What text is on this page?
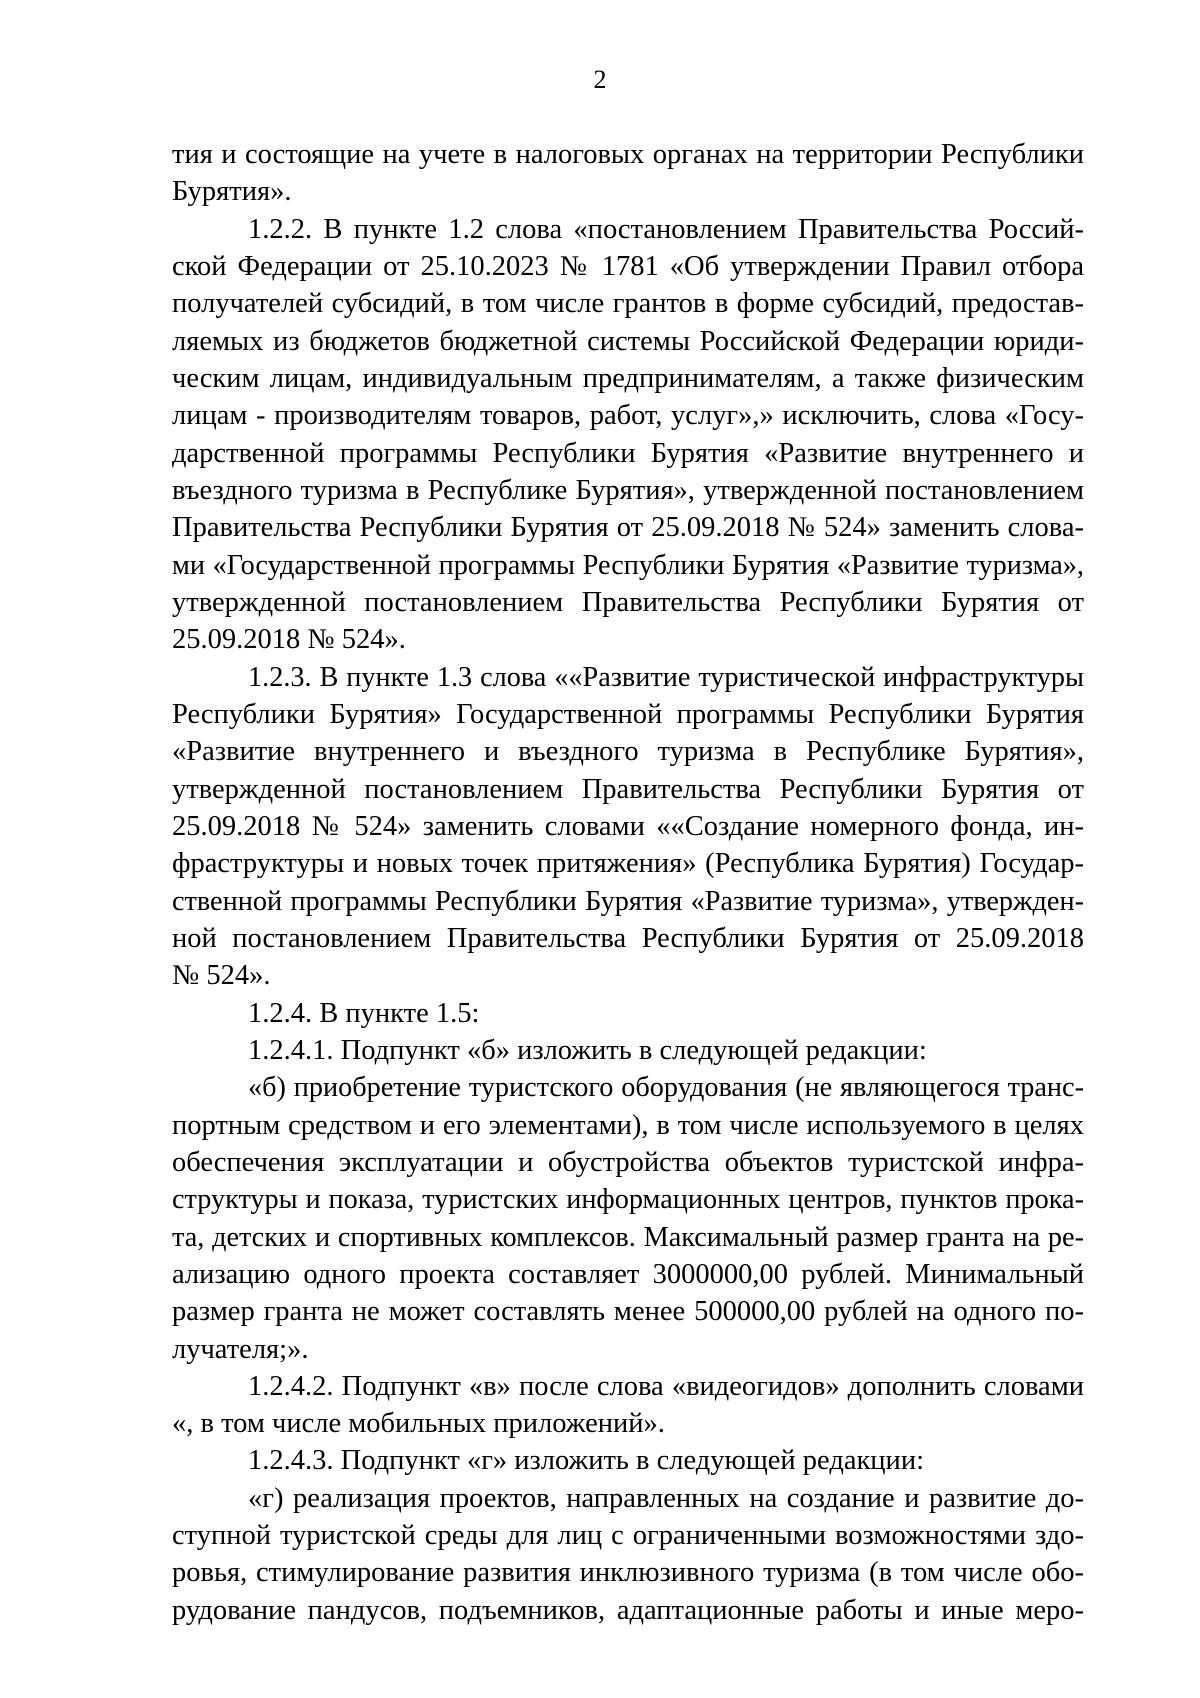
2
тия и состоящие на учете в налоговых органах на территории Республики
Бурятия».
1.2.2. В пункте 1.2 слова «постановлением Правительства Россий-
ской Федерации от 25.10.2023 № 1781 «Об утверждении Правил отбора
получателей субсидий, в том числе грантов в форме субсидий, предостав-
ляемых из бюджетов бюджетной системы Российской Федерации юриди-
ческим лицам, индивидуальным предпринимателям, а также физическим
лицам - производителям товаров, работ, услуг»,» исключить, слова «Госу-
дарственной программы Республики Бурятия «Развитие внутреннего и
въездного туризма в Республике Бурятия», утвержденной постановлением
Правительства Республики Бурятия от 25.09.2018 № 524» заменить слова-
ми «Государственной программы Республики Бурятия «Развитие туризма»,
утвержденной постановлением Правительства Республики Бурятия от
25.09.2018 № 524».
1.2.3. В пункте 1.3 слова ««Развитие туристической инфраструктуры
Республики Бурятия» Государственной программы Республики Бурятия
«Развитие внутреннего и въездного туризма в Республике Бурятия»,
утвержденной постановлением Правительства Республики Бурятия от
25.09.2018 № 524» заменить словами ««Создание номерного фонда, ин-
фраструктуры и новых точек притяжения» (Республика Бурятия) Государ-
ственной программы Республики Бурятия «Развитие туризма», утвержден-
ной постановлением Правительства Республики Бурятия от 25.09.2018
№ 524».
1.2.4. В пункте 1.5:
1.2.4.1. Подпункт «б» изложить в следующей редакции:
«б) приобретение туристского оборудования (не являющегося транс-
портным средством и его элементами), в том числе используемого в целях
обеспечения эксплуатации и обустройства объектов туристской инфра-
структуры и показа, туристских информационных центров, пунктов прока-
та, детских и спортивных комплексов. Максимальный размер гранта на ре-
ализацию одного проекта составляет 3000000,00 рублей. Минимальный
размер гранта не может составлять менее 500000,00 рублей на одного по-
лучателя;».
1.2.4.2. Подпункт «в» после слова «видеогидов» дополнить словами
«, в том числе мобильных приложений».
1.2.4.3. Подпункт «г» изложить в следующей редакции:
«г) реализация проектов, направленных на создание и развитие до-
ступной туристской среды для лиц с ограниченными возможностями здо-
ровья, стимулирование развития инклюзивного туризма (в том числе обо-
рудование пандусов, подъемников, адаптационные работы и иные меро-
